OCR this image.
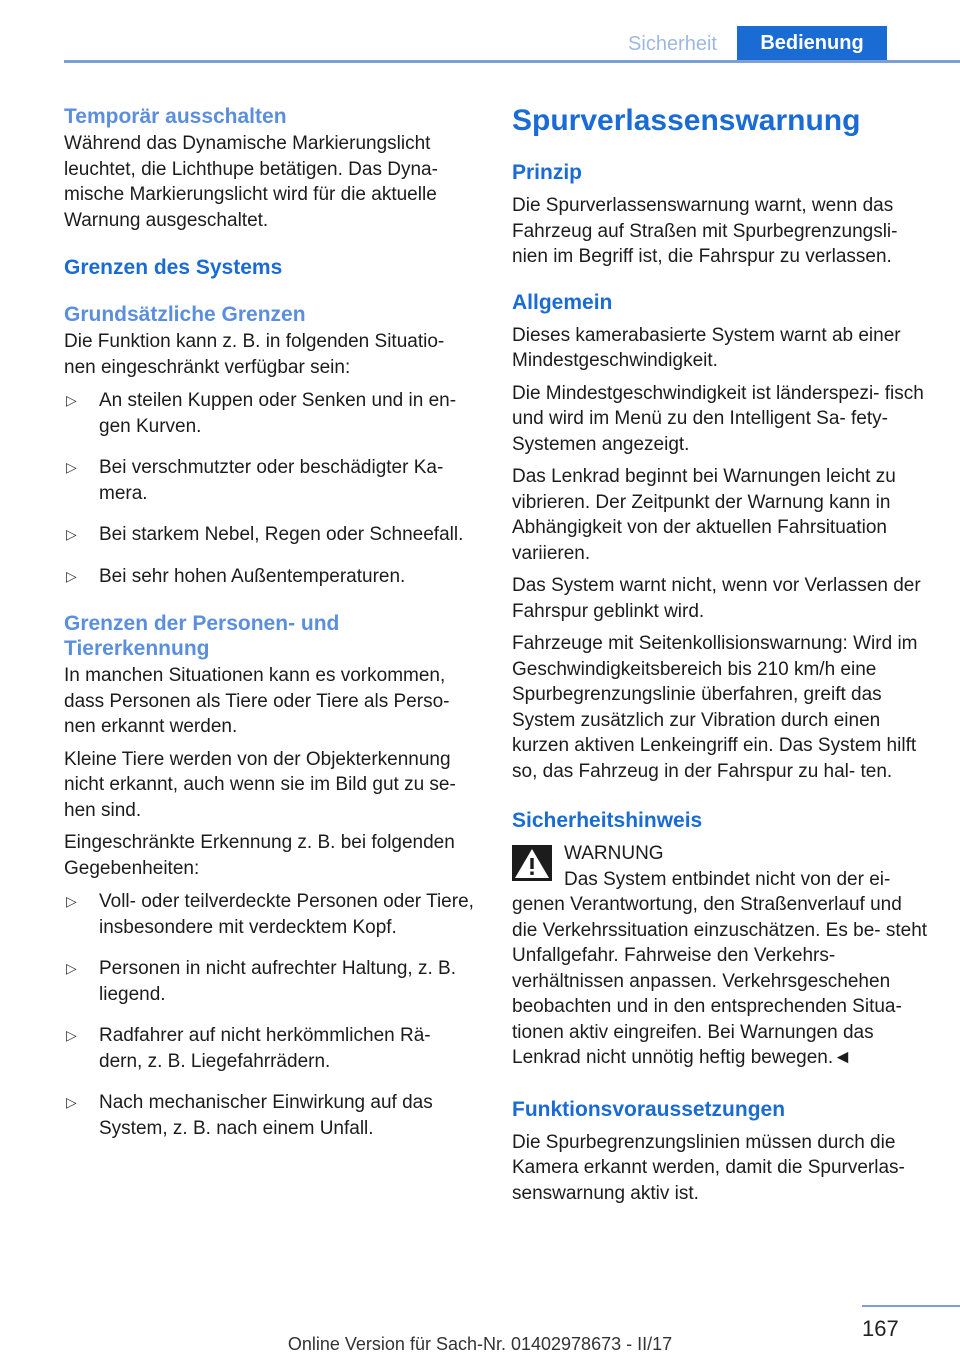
Sicherheit	Bedienung
Temporär ausschalten

Während das Dynamische Markierungslicht leuchtet, die Lichthupe betätigen. Das Dyna‐ mische Markierungslicht wird für die aktuelle Warnung ausgeschaltet.

Grenzen des Systems
Grundsätzliche Grenzen

Die Funktion kann z. B. in folgenden Situatio‐ nen eingeschränkt verfügbar sein:

▷ An steilen Kuppen oder Senken und in en‐ gen Kurven.
▷ Bei verschmutzter oder beschädigter Ka‐ mera.
▷ Bei starkem Nebel, Regen oder Schneefall.
▷ Bei sehr hohen Außentemperaturen.
Grenzen der Personen- und Tiererkennung

In manchen Situationen kann es vorkommen, dass Personen als Tiere oder Tiere als Perso‐ nen erkannt werden.

Kleine Tiere werden von der Objekterkennung nicht erkannt, auch wenn sie im Bild gut zu se‐ hen sind.

Eingeschränkte Erkennung z. B. bei folgenden Gegebenheiten:

▷ Voll- oder teilverdeckte Personen oder Tiere, insbesondere mit verdecktem Kopf.
▷ Personen in nicht aufrechter Haltung, z. B. liegend.
▷ Radfahrer auf nicht herkömmlichen Rä‐ dern, z. B. Liegefahrrädern.
▷ Nach mechanischer Einwirkung auf das System, z. B. nach einem Unfall.
Spurverlassenswarnung
Prinzip

Die Spurverlassenswarnung warnt, wenn das Fahrzeug auf Straßen mit Spurbegrenzungsli‐ nien im Begriff ist, die Fahrspur zu verlassen.

Allgemein

Dieses kamerabasierte System warnt ab einer Mindestgeschwindigkeit.

Die Mindestgeschwindigkeit ist länderspezi‐ fisch und wird im Menü zu den Intelligent Sa‐ fety-Systemen angezeigt.

Das Lenkrad beginnt bei Warnungen leicht zu vibrieren. Der Zeitpunkt der Warnung kann in Abhängigkeit von der aktuellen Fahrsituation variieren.

Das System warnt nicht, wenn vor Verlassen der Fahrspur geblinkt wird.

Fahrzeuge mit Seitenkollisionswarnung: Wird im Geschwindigkeitsbereich bis 210 km/h eine Spurbegrenzungslinie überfahren, greift das System zusätzlich zur Vibration durch einen kurzen aktiven Lenkeingriff ein. Das System hilft so, das Fahrzeug in der Fahrspur zu hal‐ ten.

Sicherheitshinweis
WARNUNG
Das System entbindet nicht von der ei‐
genen Verantwortung, den Straßenverlauf und die Verkehrssituation einzuschätzen. Es be‐ steht Unfallgefahr. Fahrweise den Verkehrs‐ verhältnissen anpassen. Verkehrsgeschehen beobachten und in den entsprechenden Situa‐ tionen aktiv eingreifen. Bei Warnungen das Lenkrad nicht unnötig heftig bewegen.◄
Funktionsvoraussetzungen

Die Spurbegrenzungslinien müssen durch die Kamera erkannt werden, damit die Spurverlas‐ senswarnung aktiv ist.

167
Online Version für Sach-Nr. 01402978673 - II/17
